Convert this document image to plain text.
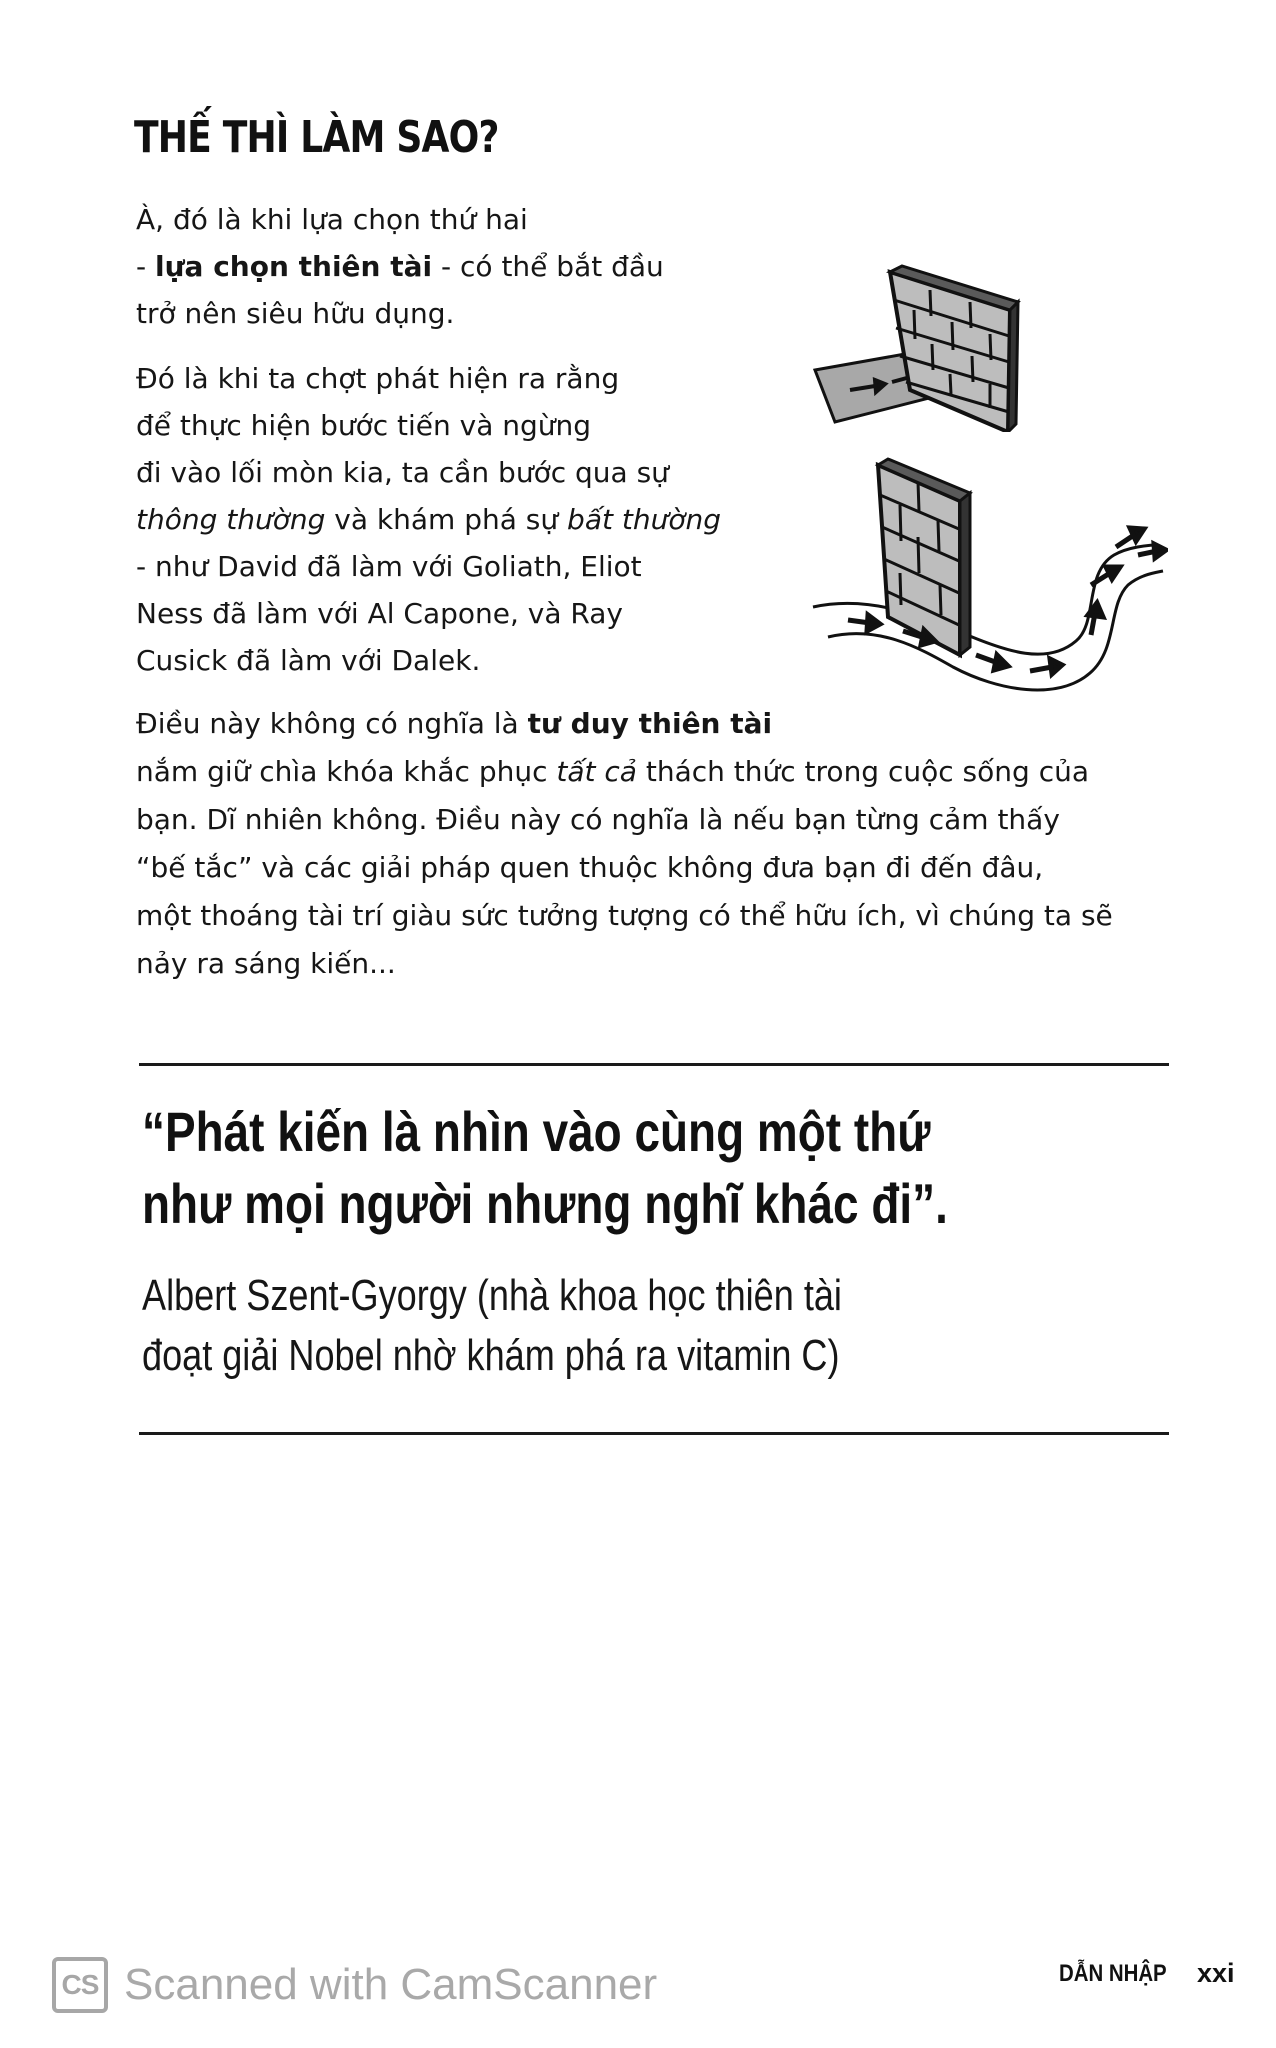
THẾ THÌ LÀM SAO?
À, đó là khi lựa chọn thứ hai
- lựa chọn thiên tài - có thể bắt đầu
trở nên siêu hữu dụng.
Đó là khi ta chợt phát hiện ra rằng
để thực hiện bước tiến và ngừng
đi vào lối mòn kia, ta cần bước qua sự
thông thường và khám phá sự bất thường
- như David đã làm với Goliath, Eliot
Ness đã làm với Al Capone, và Ray
Cusick đã làm với Dalek.
Điều này không có nghĩa là tư duy thiên tài
nắm giữ chìa khóa khắc phục tất cả thách thức trong cuộc sống của
bạn. Dĩ nhiên không. Điều này có nghĩa là nếu bạn từng cảm thấy
“bế tắc” và các giải pháp quen thuộc không đưa bạn đi đến đâu,
một thoáng tài trí giàu sức tưởng tượng có thể hữu ích, vì chúng ta sẽ
nảy ra sáng kiến...
“Phát kiến là nhìn vào cùng một thứ
như mọi người nhưng nghĩ khác đi”.
Albert Szent-Gyorgy (nhà khoa học thiên tài
đoạt giải Nobel nhờ khám phá ra vitamin C)
CS Scanned with CamScanner	DẪN NHẬP xxi
